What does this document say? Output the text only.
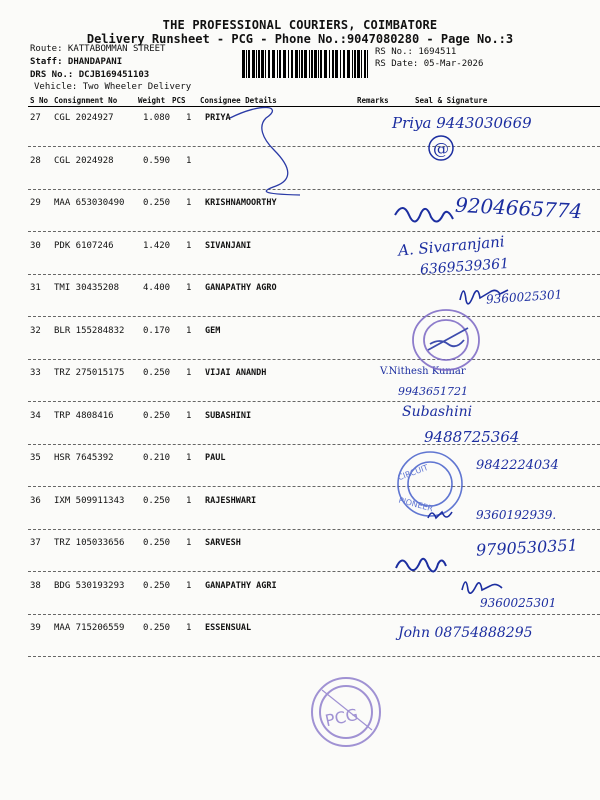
THE PROFESSIONAL COURIERS, COIMBATORE
Delivery Runsheet - PCG - Phone No.:9047080280 - Page No.:3
Route: KATTABOMMAN STREET
Staff: DHANDAPANI
DRS No.: DCJB169451103
Vehicle: Two Wheeler Delivery
RS No.: 1694511
RS Date: 05-Mar-2026
S No Consignment No	Weight PCS Consignee Details	Remarks	Seal & Signature
27 CGL 2024927	1.080 1 PRIYA
28 CGL 2024928	0.590 1
29 MAA 653030490 0.250 1 KRISHNAMOORTHY
30 PDK 6107246	1.420 1 SIVANJANI
31 TMI 30435208	4.400 1 GANAPATHY AGRO
32 BLR 155284832 0.170 1 GEM
33 TRZ 275015175 0.250 1 VIJAI ANANDH
34 TRP 4808416	0.250 1 SUBASHINI
35 HSR 7645392	0.210 1 PAUL
36 IXM 509911343 0.250 1 RAJESHWARI
37 TRZ 105033656 0.250 1 SARVESH
38 BDG 530193293 0.250 1 GANAPATHY AGRI
39 MAA 715206559 0.250 1 ESSENSUAL
Priya 9443030669
9204665774
A. Sivaranjani
6369539361
9360025301
V.Nithesh Kumar
9943651721
Subashini
9488725364
9842224034
9360192939.
9790530351
9360025301
John 08754888295
@
CIRCUIT
PIONEER
PCG
